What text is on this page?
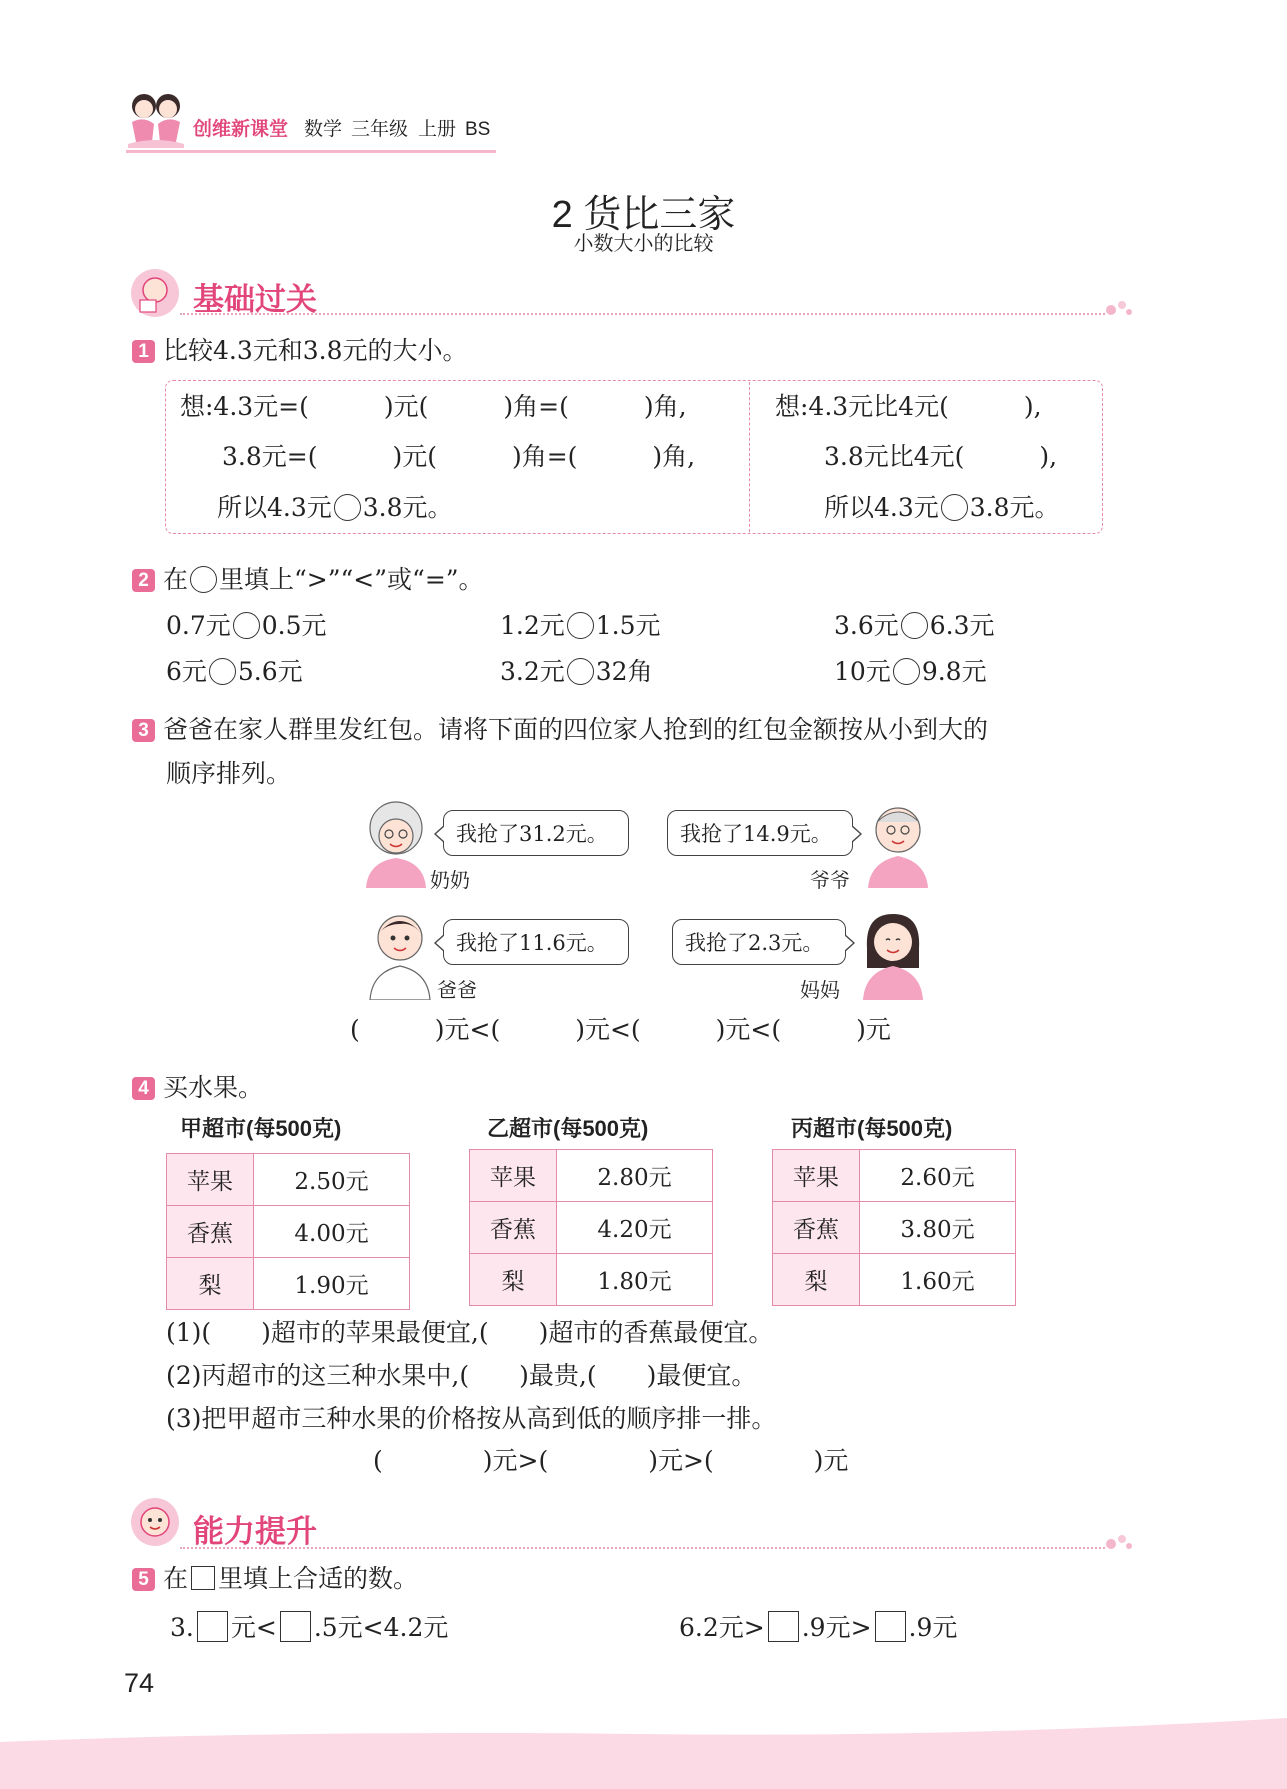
创维新课堂 数学 三年级 上册 BS
2 货比三家
小数大小的比较
基础过关
1 比较4.3元和3.8元的大小。
想:4.3元=(　　　)元(　　　)角=(　　　)角,
3.8元=(　　　)元(　　　)角=(　　　)角,
所以4.3元 3.8元。
想:4.3元比4元(　　　),
3.8元比4元(　　　),
所以4.3元 3.8元。
2 在 里填上“>”“<”或“=”。
0.7元 0.5元	1.2元 1.5元	3.6元 6.3元
6元 5.6元	3.2元 32角	10元 9.8元
3 爸爸在家人群里发红包。请将下面的四位家人抢到的红包金额按从小到大的
顺序排列。
我抢了31.2元。
奶奶
我抢了14.9元。
爷爷
我抢了11.6元。
爸爸
我抢了2.3元。
妈妈
(　　　)元<(　　　)元<(　　　)元<(　　　)元
4 买水果。
甲超市(每500克)
苹果	2.50元
香蕉	4.00元
梨	1.90元
乙超市(每500克)
苹果	2.80元
香蕉	4.20元
梨	1.80元
丙超市(每500克)
苹果	2.60元
香蕉	3.80元
梨	1.60元
(1)(　　)超市的苹果最便宜,(　　)超市的香蕉最便宜。
(2)丙超市的这三种水果中,(　　)最贵,(　　)最便宜。
(3)把甲超市三种水果的价格按从高到低的顺序排一排。
(　　　　)元>(　　　　)元>(　　　　)元
能力提升
5 在 里填上合适的数。
3. 元< .5元<4.2元	6.2元> .9元> .9元
74
